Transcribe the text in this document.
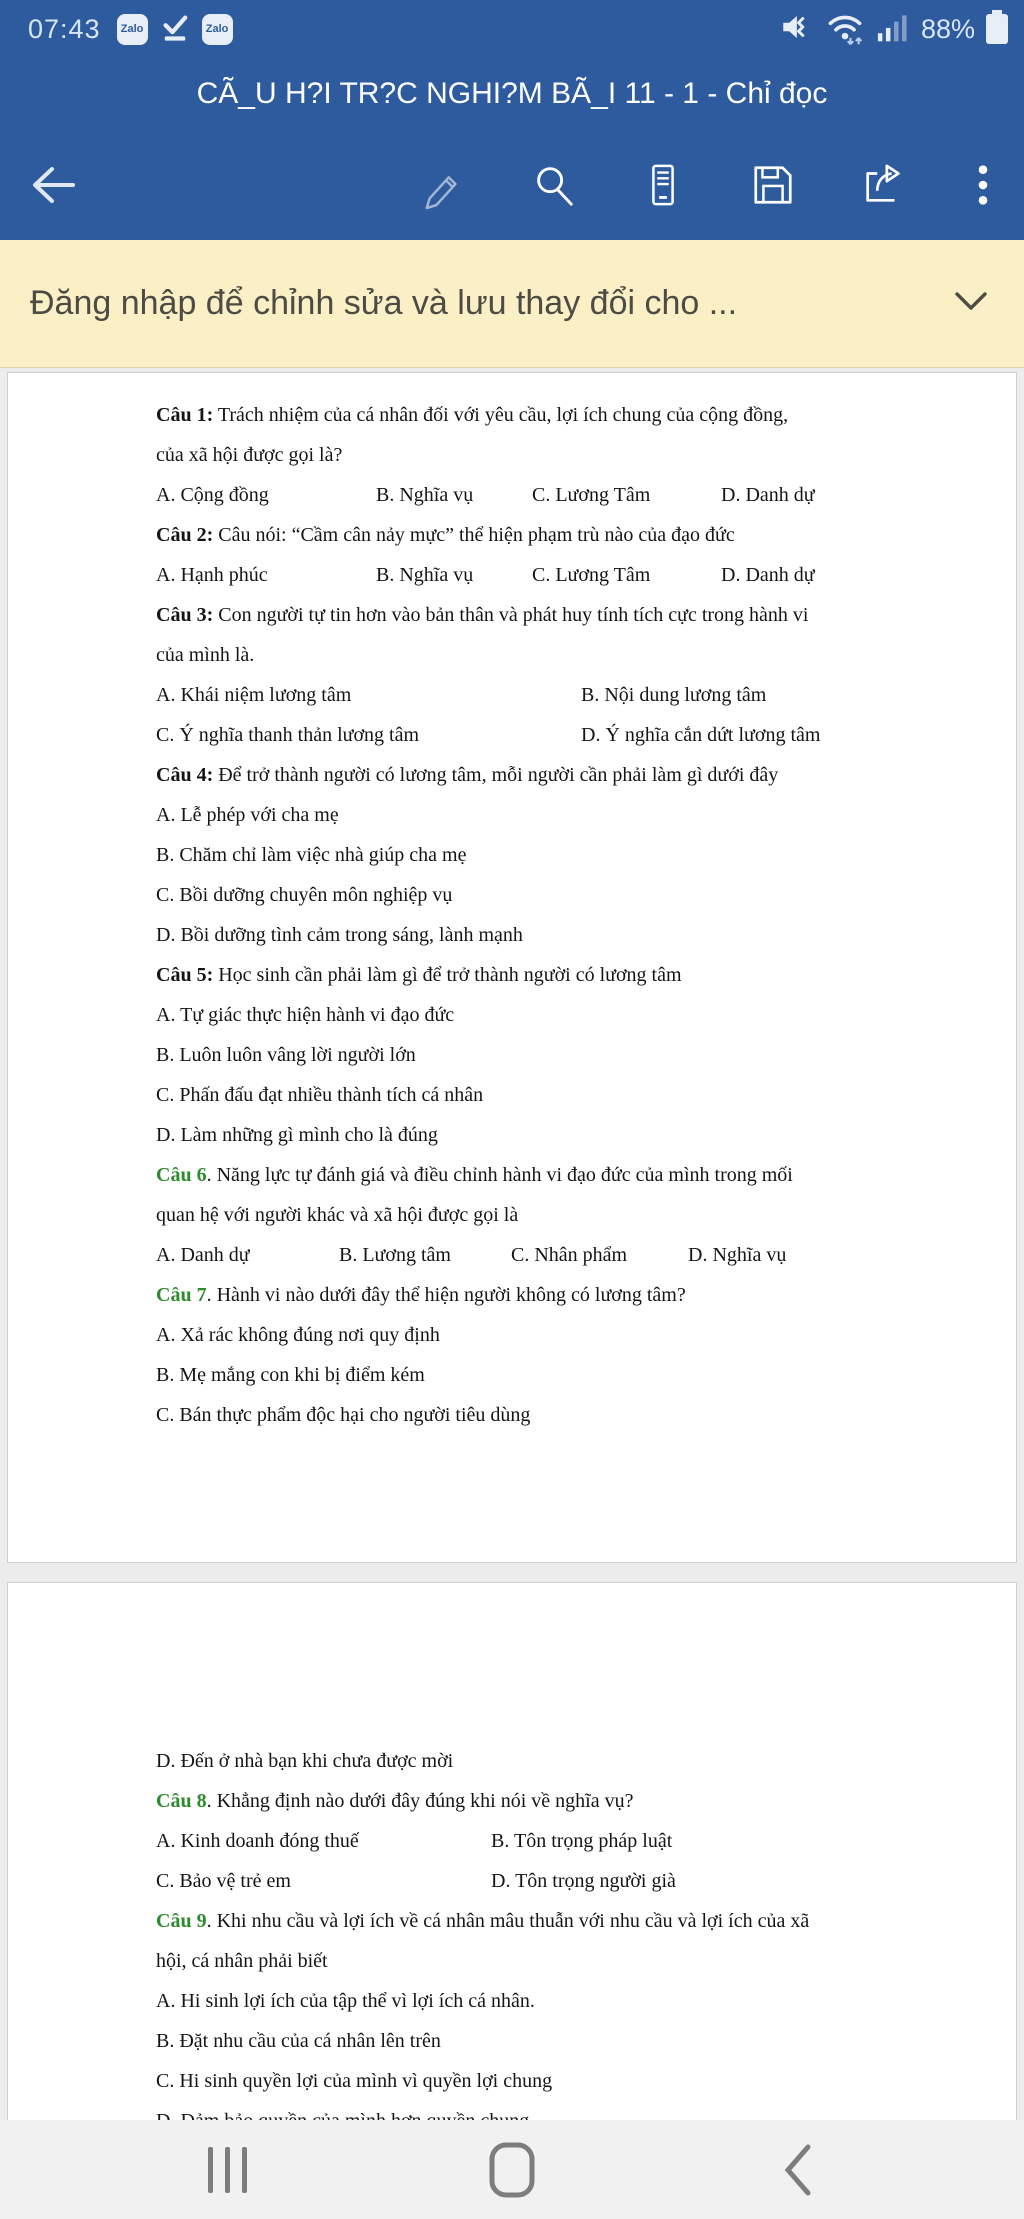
07:43	Zalo	Zalo	88%
CÃ_U H?I TR?C NGHI?M BÃ_I 11 - 1 - Chỉ đọc
Đăng nhập để chỉnh sửa và lưu thay đổi cho ...
Câu 1: Trách nhiệm của cá nhân đối với yêu cầu, lợi ích chung của cộng đồng,
của xã hội được gọi là?
A. Cộng đồng	B. Nghĩa vụ	C. Lương Tâm	D. Danh dự
Câu 2: Câu nói: “Cầm cân nảy mực” thể hiện phạm trù nào của đạo đức
A. Hạnh phúc	B. Nghĩa vụ	C. Lương Tâm	D. Danh dự
Câu 3: Con người tự tin hơn vào bản thân và phát huy tính tích cực trong hành vi
của mình là.
A. Khái niệm lương tâm	B. Nội dung lương tâm
C. Ý nghĩa thanh thản lương tâm	D. Ý nghĩa cắn dứt lương tâm
Câu 4: Để trở thành người có lương tâm, mỗi người cần phải làm gì dưới đây
A. Lễ phép với cha mẹ
B. Chăm chỉ làm việc nhà giúp cha mẹ
C. Bồi dưỡng chuyên môn nghiệp vụ
D. Bồi dưỡng tình cảm trong sáng, lành mạnh
Câu 5: Học sinh cần phải làm gì để trở thành người có lương tâm
A. Tự giác thực hiện hành vi đạo đức
B. Luôn luôn vâng lời người lớn
C. Phấn đấu đạt nhiều thành tích cá nhân
D. Làm những gì mình cho là đúng
Câu 6. Năng lực tự đánh giá và điều chỉnh hành vi đạo đức của mình trong mối
quan hệ với người khác và xã hội được gọi là
A. Danh dự	B. Lương tâm	C. Nhân phẩm	D. Nghĩa vụ
Câu 7. Hành vi nào dưới đây thể hiện người không có lương tâm?
A. Xả rác không đúng nơi quy định
B. Mẹ mắng con khi bị điểm kém
C. Bán thực phẩm độc hại cho người tiêu dùng
D. Đến ở nhà bạn khi chưa được mời
Câu 8. Khẳng định nào dưới đây đúng khi nói về nghĩa vụ?
A. Kinh doanh đóng thuế	B. Tôn trọng pháp luật
C. Bảo vệ trẻ em	D. Tôn trọng người già
Câu 9. Khi nhu cầu và lợi ích về cá nhân mâu thuẫn với nhu cầu và lợi ích của xã
hội, cá nhân phải biết
A. Hi sinh lợi ích của tập thể vì lợi ích cá nhân.
B. Đặt nhu cầu của cá nhân lên trên
C. Hi sinh quyền lợi của mình vì quyền lợi chung
